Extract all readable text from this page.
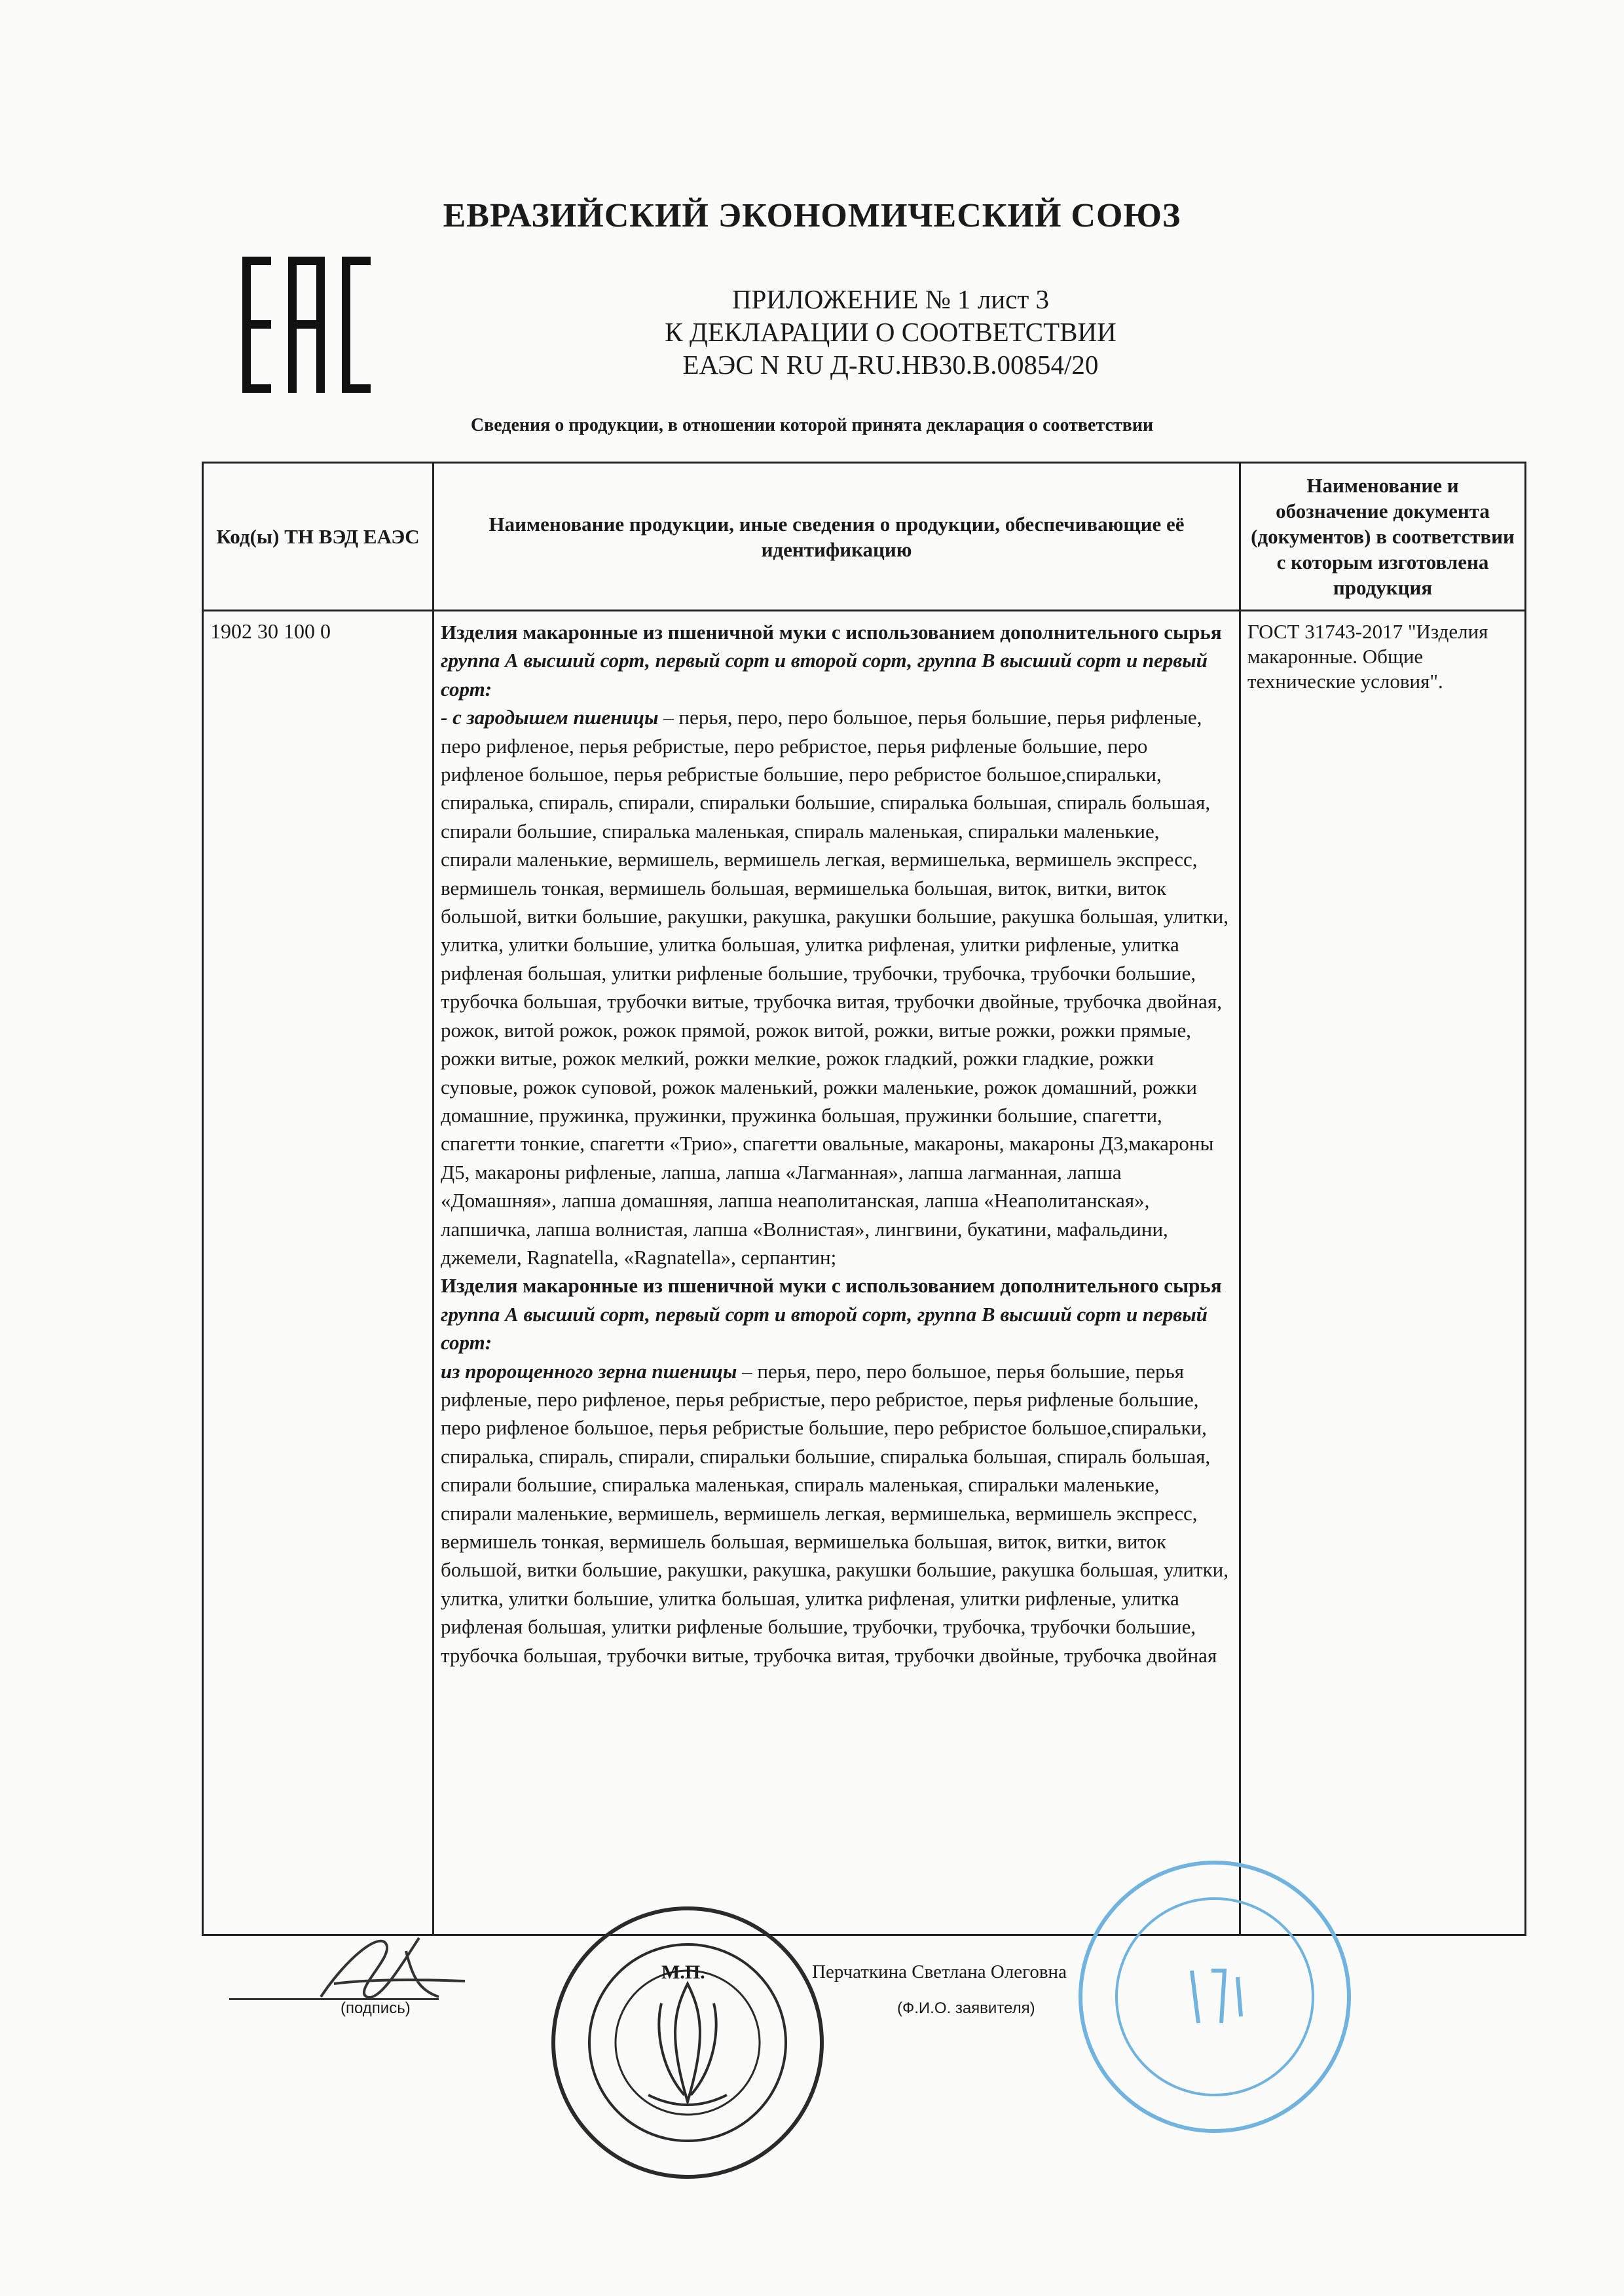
ЕВРАЗИЙСКИЙ ЭКОНОМИЧЕСКИЙ СОЮЗ
ПРИЛОЖЕНИЕ № 1 лист 3
К ДЕКЛАРАЦИИ О СООТВЕТСТВИИ
ЕАЭС N RU Д-RU.НВ30.В.00854/20
Сведения о продукции, в отношении которой принята декларация о соответствии
Код(ы) ТН ВЭД ЕАЭС	Наименование продукции, иные сведения о продукции, обеспечивающие её идентификацию	Наименование и обозначение документа (документов) в соответствии с которым изготовлена продукция
1902 30 100 0	Изделия макаронные из пшеничной муки с использованием дополнительного сырья группа А высший сорт, первый сорт и второй сорт, группа В высший сорт и первый сорт:
- с зародышем пшеницы – перья, перо, перо большое, перья большие, перья рифленые, перо рифленое, перья ребристые, перо ребристое, перья рифленые большие, перо рифленое большое, перья ребристые большие, перо ребристое большое,спиральки, спиралька, спираль, спирали, спиральки большие, спиралька большая, спираль большая, спирали большие, спиралька маленькая, спираль маленькая, спиральки маленькие, спирали маленькие, вермишель, вермишель легкая, вермишелька, вермишель экспресс, вермишель тонкая, вермишель большая, вермишелька большая, виток, витки, виток большой, витки большие, ракушки, ракушка, ракушки большие, ракушка большая, улитки, улитка, улитки большие, улитка большая, улитка рифленая, улитки рифленые, улитка рифленая большая, улитки рифленые большие, трубочки, трубочка, трубочки большие, трубочка большая, трубочки витые, трубочка витая, трубочки двойные, трубочка двойная, рожок, витой рожок, рожок прямой, рожок витой, рожки, витые рожки, рожки прямые, рожки витые, рожок мелкий, рожки мелкие, рожок гладкий, рожки гладкие, рожки суповые, рожок суповой, рожок маленький, рожки маленькие, рожок домашний, рожки домашние, пружинка, пружинки, пружинка большая, пружинки большие, спагетти, спагетти тонкие, спагетти «Трио», спагетти овальные, макароны, макароны Д3,макароны Д5, макароны рифленые, лапша, лапша «Лагманная», лапша лагманная, лапша «Домашняя», лапша домашняя, лапша неаполитанская, лапша «Неаполитанская», лапшичка, лапша волнистая, лапша «Волнистая», лингвини, букатини, мафальдини, джемели, Ragnatella, «Ragnatella», серпантин;
Изделия макаронные из пшеничной муки с использованием дополнительного сырья группа А высший сорт, первый сорт и второй сорт, группа В высший сорт и первый сорт:
из пророщенного зерна пшеницы – перья, перо, перо большое, перья большие, перья рифленые, перо рифленое, перья ребристые, перо ребристое, перья рифленые большие, перо рифленое большое, перья ребристые большие, перо ребристое большое,спиральки, спиралька, спираль, спирали, спиральки большие, спиралька большая, спираль большая, спирали большие, спиралька маленькая, спираль маленькая, спиральки маленькие, спирали маленькие, вермишель, вермишель легкая, вермишелька, вермишель экспресс, вермишель тонкая, вермишель большая, вермишелька большая, виток, витки, виток большой, витки большие, ракушки, ракушка, ракушки большие, ракушка большая, улитки, улитка, улитки большие, улитка большая, улитка рифленая, улитки рифленые, улитка рифленая большая, улитки рифленые большие, трубочки, трубочка, трубочки большие, трубочка большая, трубочки витые, трубочка витая, трубочки двойные, трубочка двойная	ГОСТ 31743-2017 "Изделия макаронные. Общие технические условия".
(подпись)
М.П.	Перчаткина Светлана Олеговна
(Ф.И.О. заявителя)
